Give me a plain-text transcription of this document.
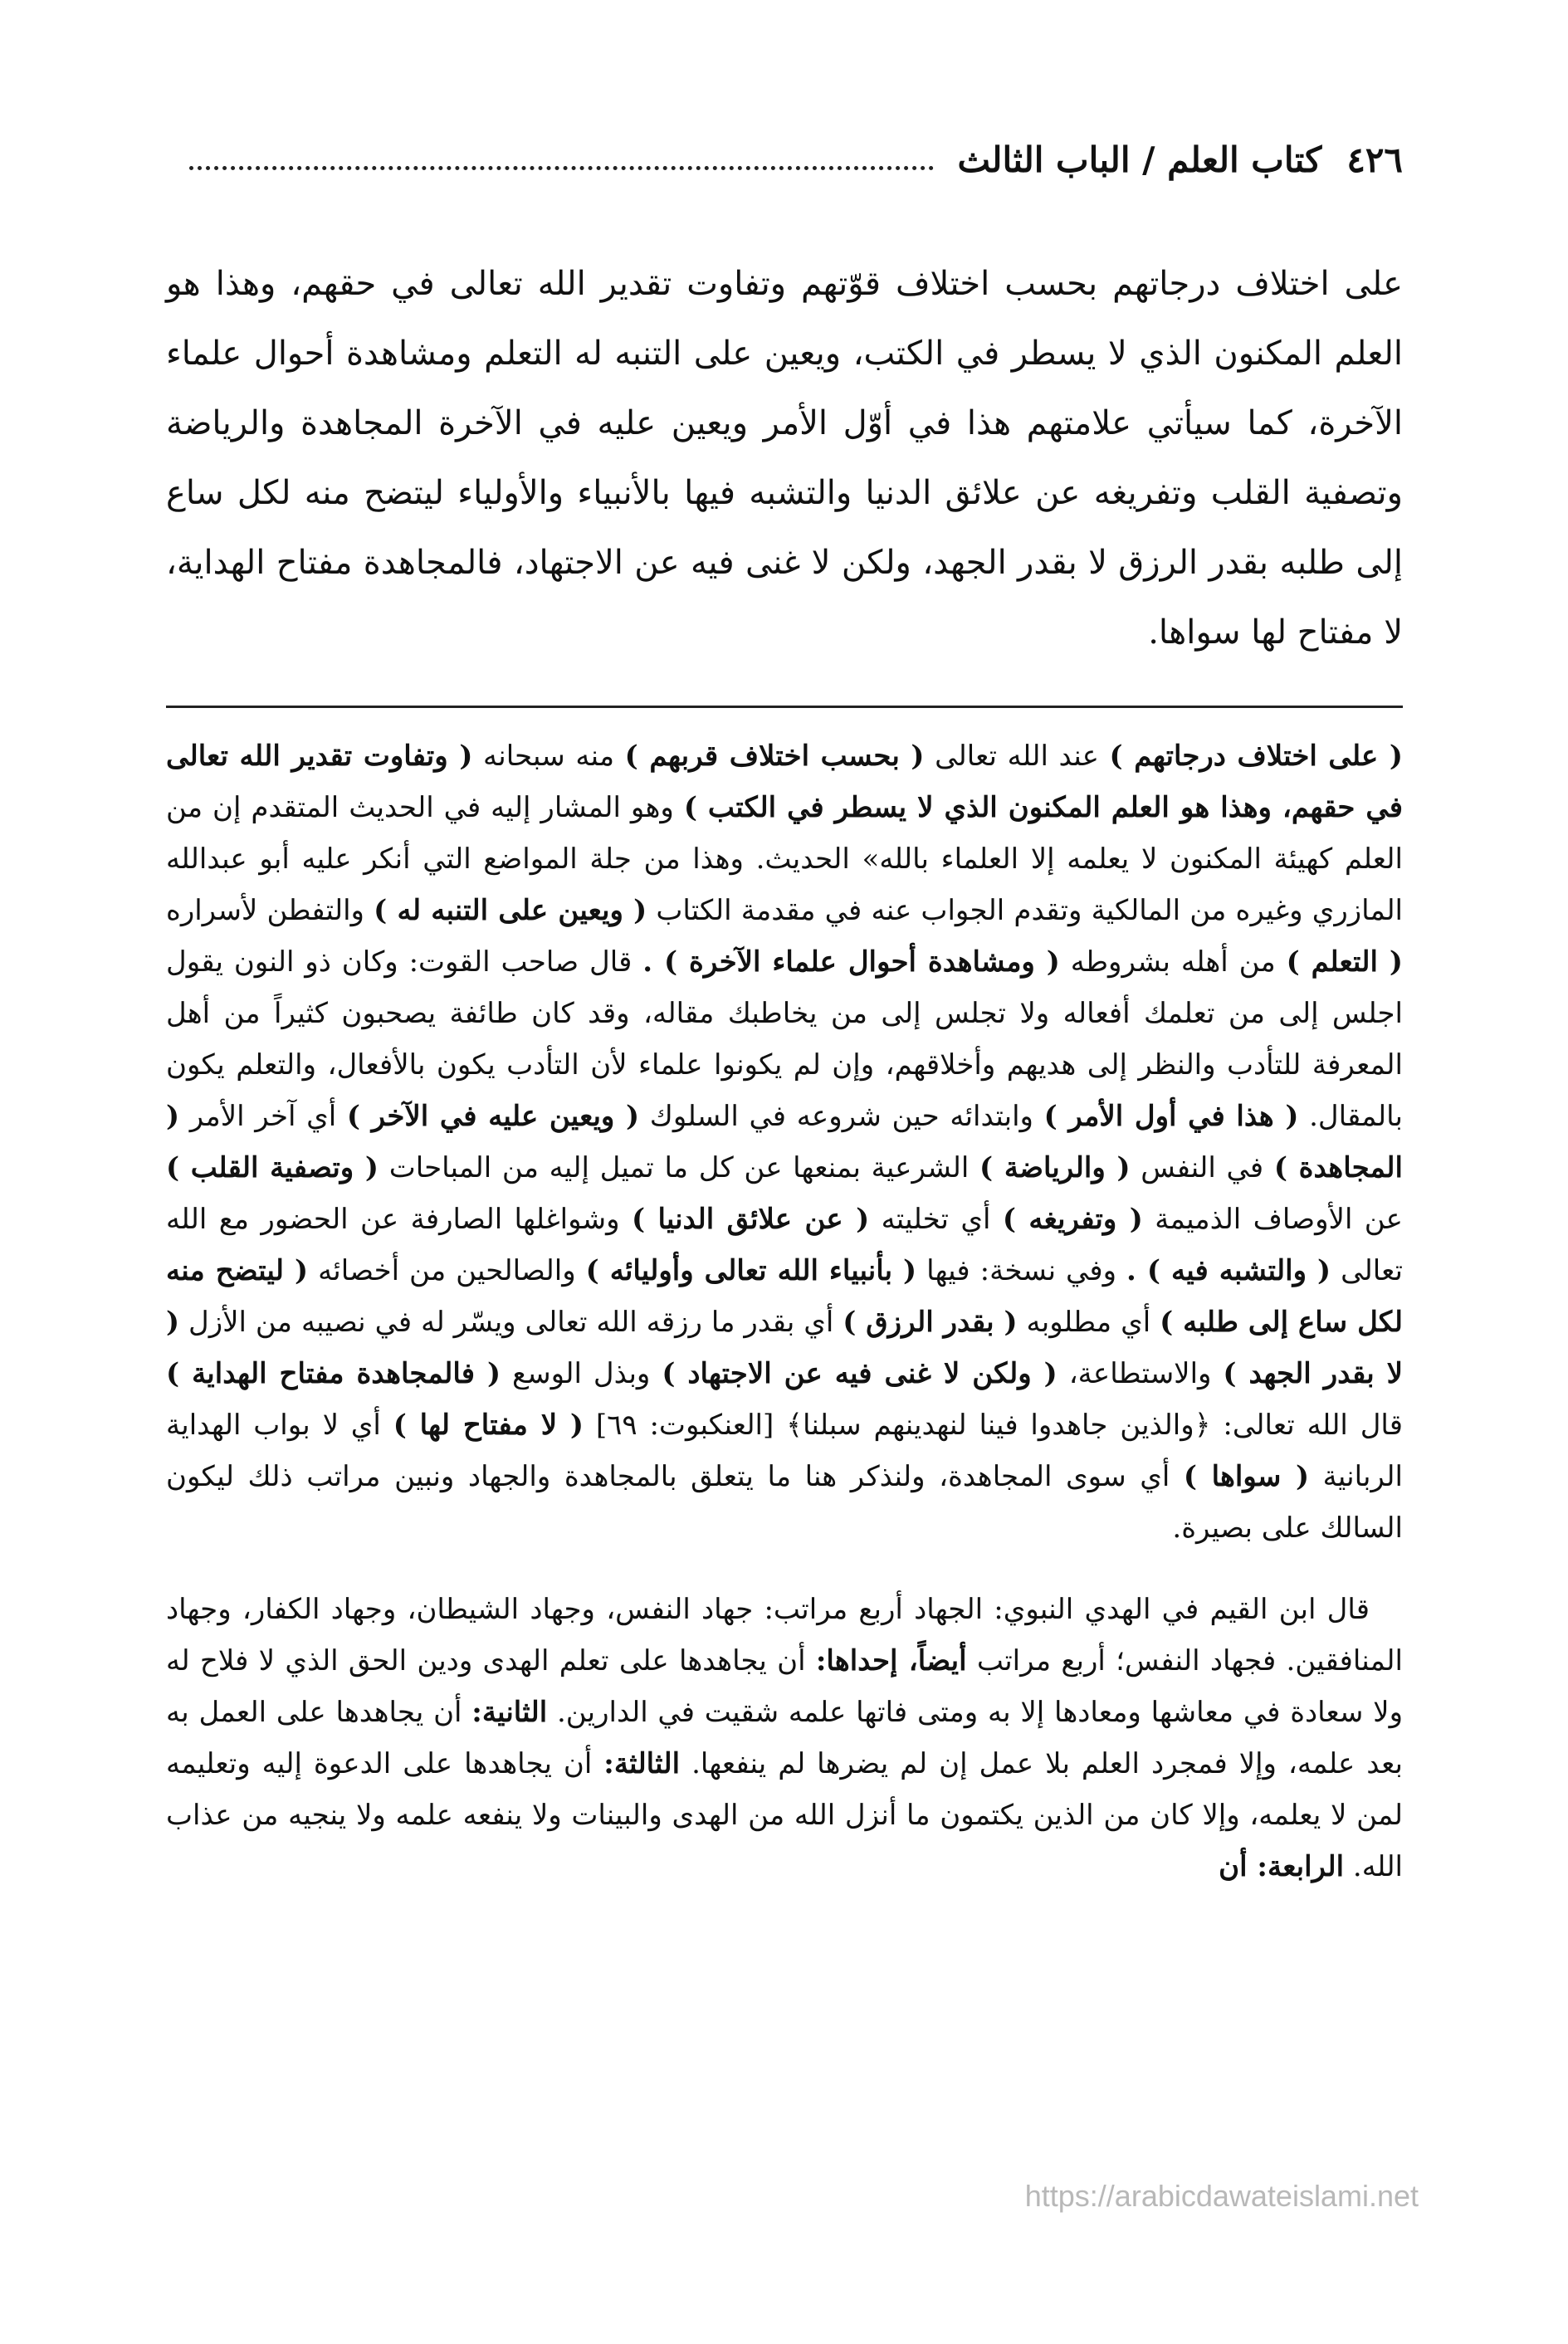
٤٢٦
كتاب العلم / الباب الثالث
على اختلاف درجاتهم بحسب اختلاف قوّتهم وتفاوت تقدير الله تعالى في حقهم، وهذا هو العلم المكنون الذي لا يسطر في الكتب، ويعين على التنبه له التعلم ومشاهدة أحوال علماء الآخرة، كما سيأتي علامتهم هذا في أوّل الأمر ويعين عليه في الآخرة المجاهدة والرياضة وتصفية القلب وتفريغه عن علائق الدنيا والتشبه فيها بالأنبياء والأولياء ليتضح منه لكل ساع إلى طلبه بقدر الرزق لا بقدر الجهد، ولكن لا غنى فيه عن الاجتهاد، فالمجاهدة مفتاح الهداية، لا مفتاح لها سواها.

( على اختلاف درجاتهم ) عند الله تعالى ( بحسب اختلاف قربهم ) منه سبحانه ( وتفاوت تقدير الله تعالى في حقهم، وهذا هو العلم المكنون الذي لا يسطر في الكتب ) وهو المشار إليه في الحديث المتقدم إن من العلم كهيئة المكنون لا يعلمه إلا العلماء بالله» الحديث. وهذا من جلة المواضع التي أنكر عليه أبو عبدالله المازري وغيره من المالكية وتقدم الجواب عنه في مقدمة الكتاب ( ويعين على التنبه له ) والتفطن لأسراره ( التعلم ) من أهله بشروطه ( ومشاهدة أحوال علماء الآخرة ) . قال صاحب القوت: وكان ذو النون يقول اجلس إلى من تعلمك أفعاله ولا تجلس إلى من يخاطبك مقاله، وقد كان طائفة يصحبون كثيراً من أهل المعرفة للتأدب والنظر إلى هديهم وأخلاقهم، وإن لم يكونوا علماء لأن التأدب يكون بالأفعال، والتعلم يكون بالمقال. ( هذا في أول الأمر ) وابتدائه حين شروعه في السلوك ( ويعين عليه في الآخر ) أي آخر الأمر ( المجاهدة ) في النفس ( والرياضة ) الشرعية بمنعها عن كل ما تميل إليه من المباحات ( وتصفية القلب ) عن الأوصاف الذميمة ( وتفريغه ) أي تخليته ( عن علائق الدنيا ) وشواغلها الصارفة عن الحضور مع الله تعالى ( والتشبه فيه ) . وفي نسخة: فيها ( بأنبياء الله تعالى وأوليائه ) والصالحين من أخصائه ( ليتضح منه لكل ساع إلى طلبه ) أي مطلوبه ( بقدر الرزق ) أي بقدر ما رزقه الله تعالى ويسّر له في نصيبه من الأزل ( لا بقدر الجهد ) والاستطاعة، ( ولكن لا غنى فيه عن الاجتهاد ) وبذل الوسع ( فالمجاهدة مفتاح الهداية ) قال الله تعالى: ﴿والذين جاهدوا فينا لنهدينهم سبلنا﴾ [العنكبوت: ٦٩] ( لا مفتاح لها ) أي لا بواب الهداية الربانية ( سواها ) أي سوى المجاهدة، ولنذكر هنا ما يتعلق بالمجاهدة والجهاد ونبين مراتب ذلك ليكون السالك على بصيرة.

قال ابن القيم في الهدي النبوي: الجهاد أربع مراتب: جهاد النفس، وجهاد الشيطان، وجهاد الكفار، وجهاد المنافقين. فجهاد النفس؛ أربع مراتب أيضاً، إحداها: أن يجاهدها على تعلم الهدى ودين الحق الذي لا فلاح له ولا سعادة في معاشها ومعادها إلا به ومتى فاتها علمه شقيت في الدارين. الثانية: أن يجاهدها على العمل به بعد علمه، وإلا فمجرد العلم بلا عمل إن لم يضرها لم ينفعها. الثالثة: أن يجاهدها على الدعوة إليه وتعليمه لمن لا يعلمه، وإلا كان من الذين يكتمون ما أنزل الله من الهدى والبينات ولا ينفعه علمه ولا ينجيه من عذاب الله. الرابعة: أن

https://arabicdawateislami.net
